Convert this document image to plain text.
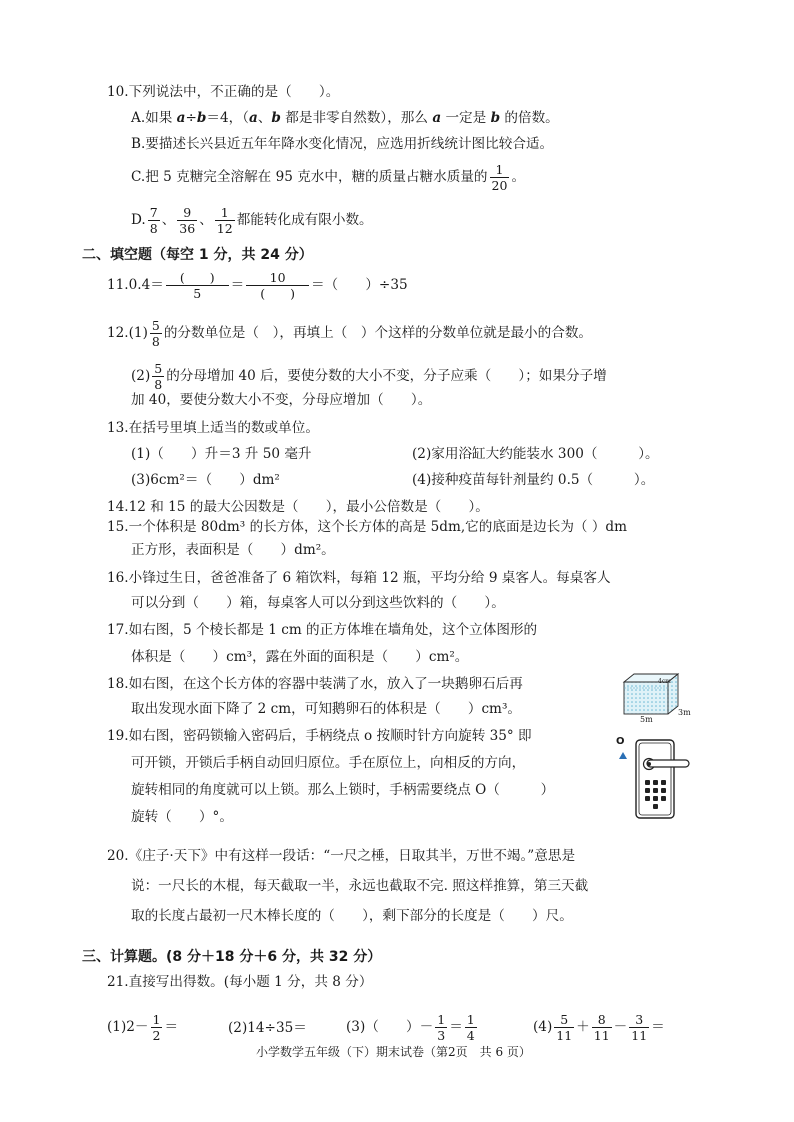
10.下列说法中，不正确的是（　　）。
A.如果 a÷b＝4，（a、b 都是非零自然数），那么 a 一定是 b 的倍数。
B.要描述长兴县近五年年降水变化情况，应选用折线统计图比较合适。
C.把 5 克糖完全溶解在 95 克水中，糖的质量占糖水质量的 $\frac{1}{20}$ 。
D. $\frac{7}{8}$ 、 $\frac{9}{36}$ 、 $\frac{1}{12}$ 都能转化成有限小数。
二、填空题（每空 1 分，共 24 分）
$11.0.4= \frac{( )}{5} = \frac{10}{( )}$ ＝（　　）÷35
$12.(1) \frac{5}{8}$ 的分数单位是（　），再填上（　）个这样的分数单位就是最小的合数。
$(2) \frac{5}{8}$ 的分母增加 40 后，要使分数的大小不变，分子应乘（　　）；如果分子增
加 40，要使分数大小不变，分母应增加（　　）。
13.在括号里填上适当的数或单位。
(1)（　　）升＝3 升 50 毫升	(2)家用浴缸大约能装水 300（　　　）。
(3)6cm²＝（　　）dm²	(4)接种疫苗每针剂量约 0.5（　　　）。
14.12 和 15 的最大公因数是（　　），最小公倍数是（　　）。
15.一个体积是 80dm³ 的长方体，这个长方体的高是 5dm,它的底面是边长为（ ）dm
正方形，表面积是（　　）dm²。
16.小锋过生日，爸爸准备了 6 箱饮料，每箱 12 瓶，平均分给 9 桌客人。每桌客人
可以分到（　　）箱，每桌客人可以分到这些饮料的（　　）。
17.如右图，5 个棱长都是 1 cm 的正方体堆在墙角处，这个立体图形的
体积是（　　）cm³，露在外面的面积是（　　）cm²。
18.如右图，在这个长方体的容器中装满了水，放入了一块鹅卵石后再
取出发现水面下降了 2 cm，可知鹅卵石的体积是（　　）cm³。
4cm
5m
3m
19.如右图，密码锁输入密码后，手柄绕点 o 按顺时针方向旋转 35° 即
可开锁，开锁后手柄自动回归原位。手在原位上，向相反的方向，
旋转相同的角度就可以上锁。那么上锁时，手柄需要绕点 O（　　　）
旋转（　　）°。
O
20.《庄子·天下》中有这样一段话：“一尺之棰，日取其半，万世不竭。”意思是
说：一尺长的木棍，每天截取一半，永远也截取不完. 照这样推算，第三天截
取的长度占最初一尺木棒长度的（　　），剩下部分的长度是（　　）尺。
三、计算题。(8 分＋18 分＋6 分，共 32 分）
21.直接写出得数。(每小题 1 分，共 8 分）
$(1)2- \frac{1}{2}$ ＝	(2)14÷35＝	(3)（　　）－ $\frac{1}{3} = \frac{1}{4}$	$(4) \frac{5}{11} + \frac{8}{11} - \frac{3}{11}$ ＝
小学数学五年级（下）期末试卷（第2页　共 6 页）
